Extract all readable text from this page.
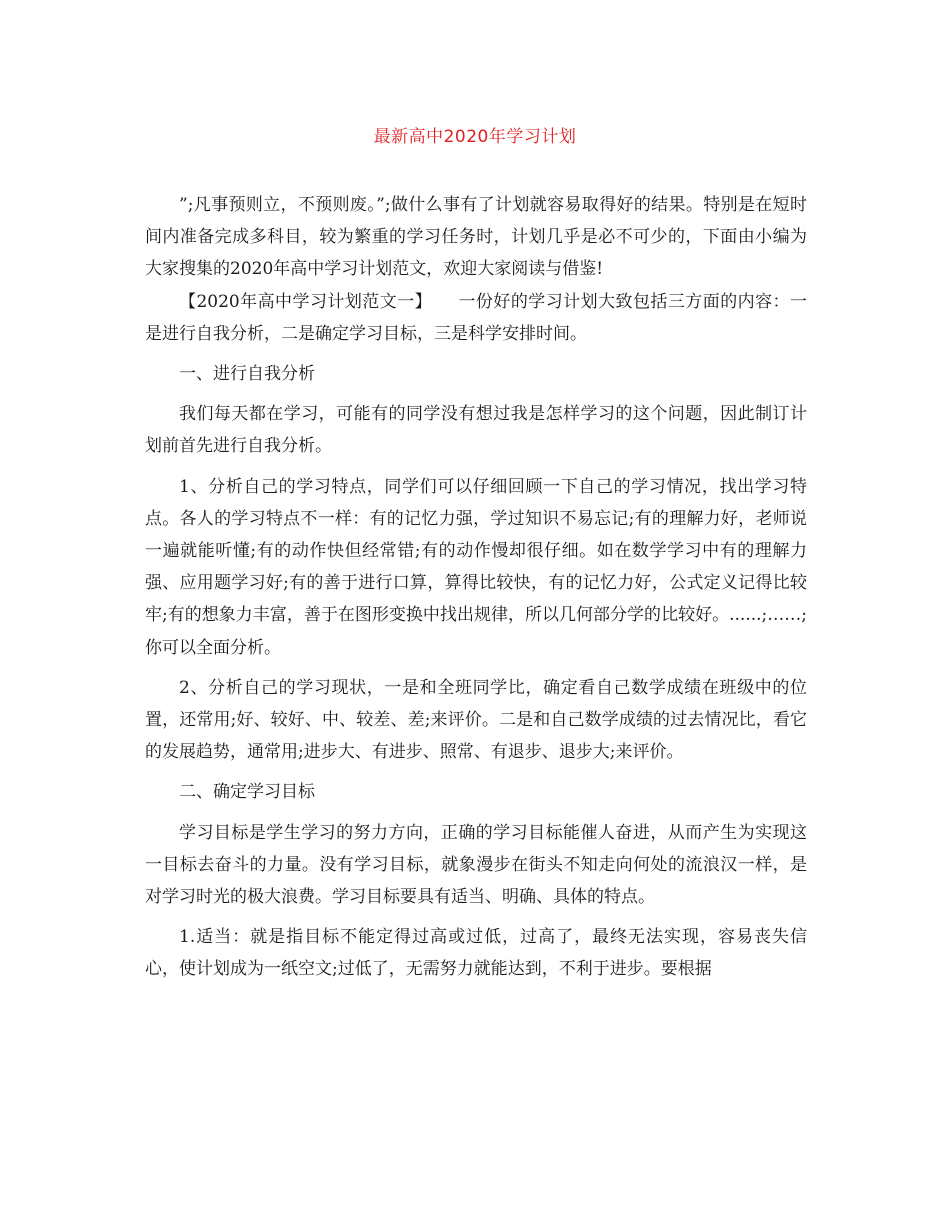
最新高中2020年学习计划

”;凡事预则立，不预则废。”;做什么事有了计划就容易取得好的结果。特别是在短时间内准备完成多科目，较为繁重的学习任务时，计划几乎是必不可少的，下面由小编为大家搜集的2020年高中学习计划范文，欢迎大家阅读与借鉴!

【2020年高中学习计划范文一】　　一份好的学习计划大致包括三方面的内容：一是进行自我分析，二是确定学习目标，三是科学安排时间。

一、进行自我分析

我们每天都在学习，可能有的同学没有想过我是怎样学习的这个问题，因此制订计划前首先进行自我分析。

1、分析自己的学习特点，同学们可以仔细回顾一下自己的学习情况，找出学习特点。各人的学习特点不一样：有的记忆力强，学过知识不易忘记;有的理解力好，老师说一遍就能听懂;有的动作快但经常错;有的动作慢却很仔细。如在数学学习中有的理解力强、应用题学习好;有的善于进行口算，算得比较快，有的记忆力好，公式定义记得比较牢;有的想象力丰富，善于在图形变换中找出规律，所以几何部分学的比较好。......;……;你可以全面分析。

2、分析自己的学习现状，一是和全班同学比，确定看自己数学成绩在班级中的位置，还常用;好、较好、中、较差、差;来评价。二是和自己数学成绩的过去情况比，看它的发展趋势，通常用;进步大、有进步、照常、有退步、退步大;来评价。

二、确定学习目标

学习目标是学生学习的努力方向，正确的学习目标能催人奋进，从而产生为实现这一目标去奋斗的力量。没有学习目标，就象漫步在街头不知走向何处的流浪汉一样，是对学习时光的极大浪费。学习目标要具有适当、明确、具体的特点。

1.适当：就是指目标不能定得过高或过低，过高了，最终无法实现，容易丧失信心，使计划成为一纸空文;过低了，无需努力就能达到，不利于进步。要根据
